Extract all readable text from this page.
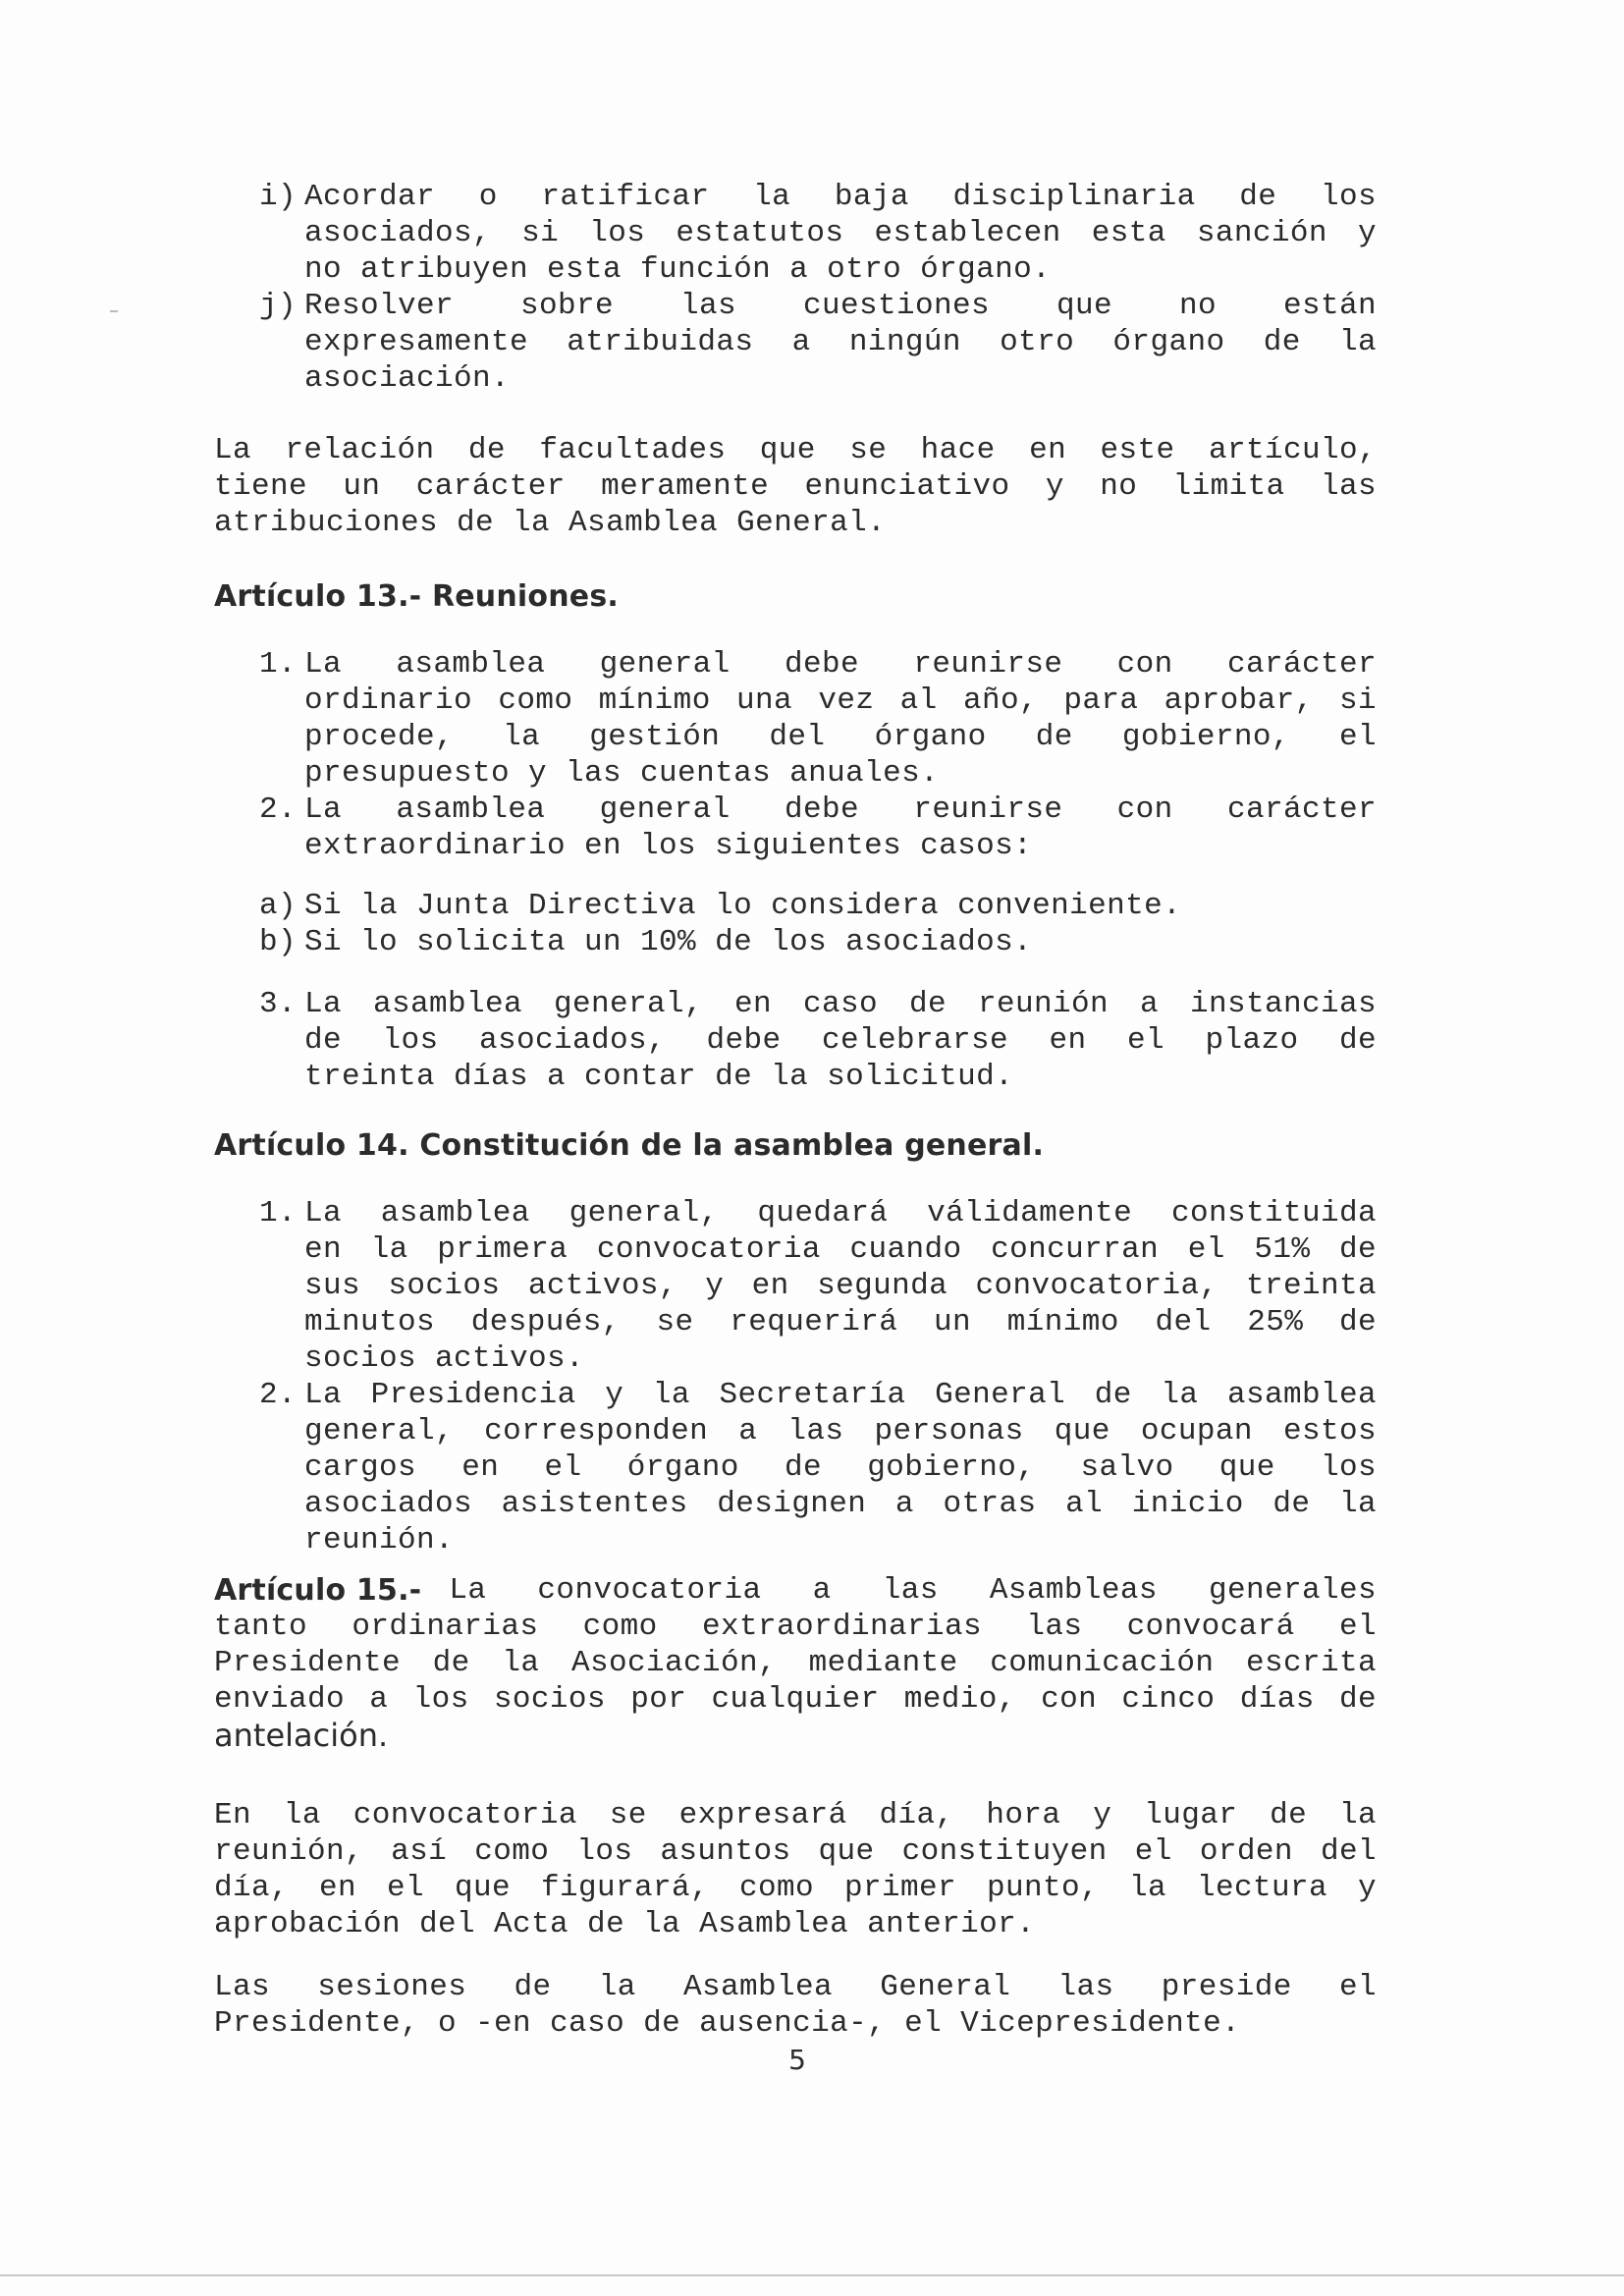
i) Acordar o ratificar la baja disciplinaria de los
asociados, si los estatutos establecen esta sanción y
no atribuyen esta función a otro órgano.
j) Resolver sobre las cuestiones que no están
expresamente atribuidas a ningún otro órgano de la
asociación.
La relación de facultades que se hace en este artículo,
tiene un carácter meramente enunciativo y no limita las
atribuciones de la Asamblea General.
Artículo 13.- Reuniones.
1. La asamblea general debe reunirse con carácter
ordinario como mínimo una vez al año, para aprobar, si
procede, la gestión del órgano de gobierno, el
presupuesto y las cuentas anuales.
2. La asamblea general debe reunirse con carácter
extraordinario en los siguientes casos:
a) Si la Junta Directiva lo considera conveniente.
b) Si lo solicita un 10% de los asociados.
3. La asamblea general, en caso de reunión a instancias
de los asociados, debe celebrarse en el plazo de
treinta días a contar de la solicitud.
Artículo 14. Constitución de la asamblea general.
1. La asamblea general, quedará válidamente constituida
en la primera convocatoria cuando concurran el 51% de
sus socios activos, y en segunda convocatoria, treinta
minutos después, se requerirá un mínimo del 25% de
socios activos.
2. La Presidencia y la Secretaría General de la asamblea
general, corresponden a las personas que ocupan estos
cargos en el órgano de gobierno, salvo que los
asociados asistentes designen a otras al inicio de la
reunión.
Artículo 15.- La convocatoria a las Asambleas generales
tanto ordinarias como extraordinarias las convocará el
Presidente de la Asociación, mediante comunicación escrita
enviado a los socios por cualquier medio, con cinco días de
antelación.
En la convocatoria se expresará día, hora y lugar de la
reunión, así como los asuntos que constituyen el orden del
día, en el que figurará, como primer punto, la lectura y
aprobación del Acta de la Asamblea anterior.
Las sesiones de la Asamblea General las preside el
Presidente, o -en caso de ausencia-, el Vicepresidente.
5
